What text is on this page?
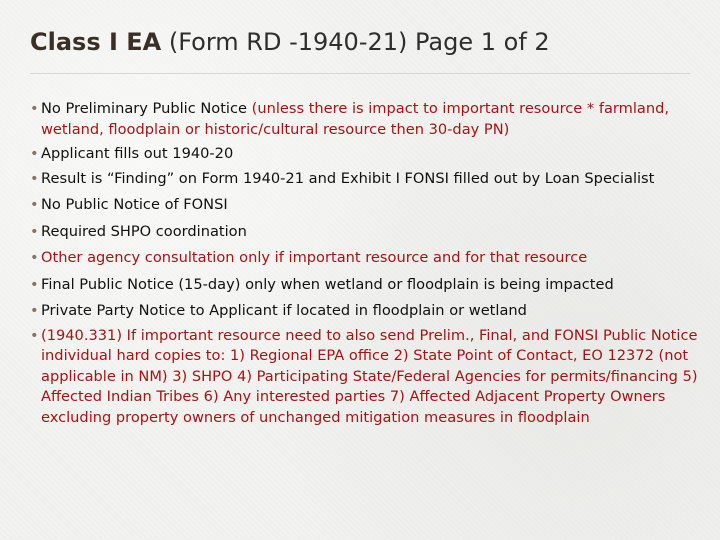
Class I EA (Form RD -1940-21) Page 1 of 2
• No Preliminary Public Notice (unless there is impact to important resource * farmland, wetland, floodplain or historic/cultural resource then 30-day PN)
• Applicant fills out 1940-20
• Result is “Finding” on Form 1940-21 and Exhibit I FONSI filled out by Loan Specialist
• No Public Notice of FONSI
• Required SHPO coordination
• Other agency consultation only if important resource and for that resource
• Final Public Notice (15-day) only when wetland or floodplain is being impacted
• Private Party Notice to Applicant if located in floodplain or wetland
• (1940.331) If important resource need to also send Prelim., Final, and FONSI Public Notice individual hard copies to: 1) Regional EPA office 2) State Point of Contact, EO 12372 (not applicable in NM) 3) SHPO 4) Participating State/Federal Agencies for permits/financing 5) Affected Indian Tribes 6) Any interested parties 7) Affected Adjacent Property Owners excluding property owners of unchanged mitigation measures in floodplain
